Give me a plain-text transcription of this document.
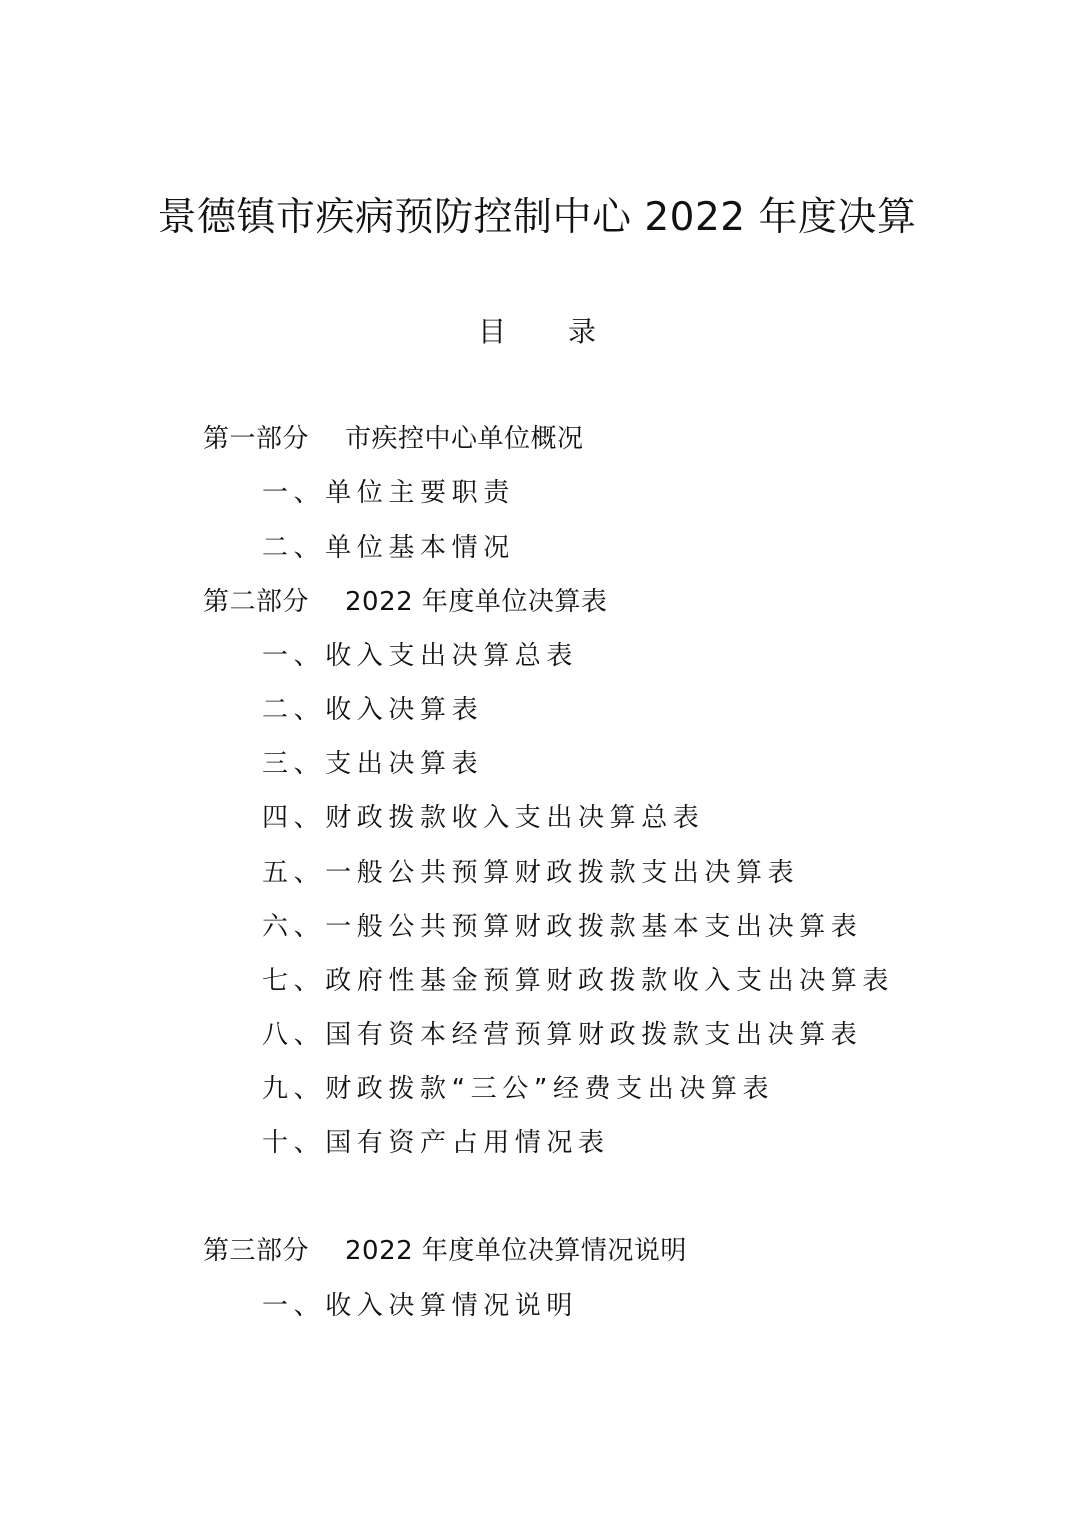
景德镇市疾病预防控制中心 2022 年度决算
目 录
第一部分 市疾控中心单位概况
一、单位主要职责
二、单位基本情况
第二部分 2022 年度单位决算表
一、收入支出决算总表
二、收入决算表
三、支出决算表
四、财政拨款收入支出决算总表
五、一般公共预算财政拨款支出决算表
六、一般公共预算财政拨款基本支出决算表
七、政府性基金预算财政拨款收入支出决算表
八、国有资本经营预算财政拨款支出决算表
九、财政拨款“三公”经费支出决算表
十、国有资产占用情况表
第三部分 2022 年度单位决算情况说明
一、收入决算情况说明
